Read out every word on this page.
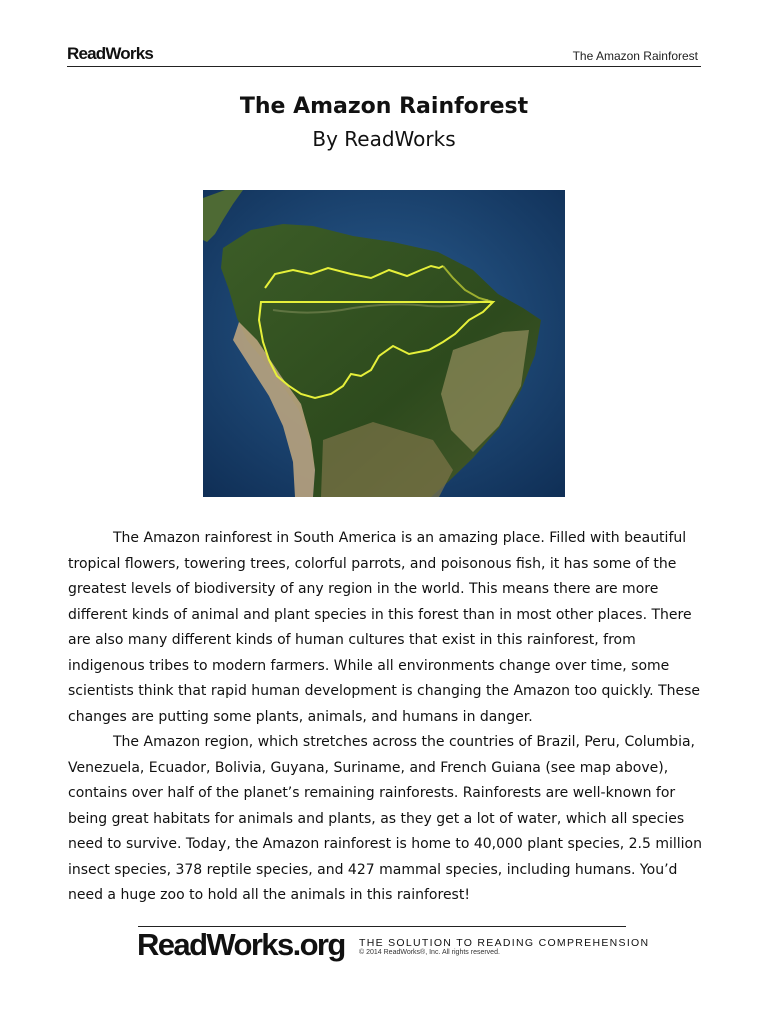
ReadWorks	The Amazon Rainforest
The Amazon Rainforest
By ReadWorks

The Amazon rainforest in South America is an amazing place. Filled with beautiful tropical flowers, towering trees, colorful parrots, and poisonous fish, it has some of the greatest levels of biodiversity of any region in the world. This means there are more different kinds of animal and plant species in this forest than in most other places. There are also many different kinds of human cultures that exist in this rainforest, from indigenous tribes to modern farmers. While all environments change over time, some scientists think that rapid human development is changing the Amazon too quickly. These changes are putting some plants, animals, and humans in danger.

The Amazon region, which stretches across the countries of Brazil, Peru, Columbia, Venezuela, Ecuador, Bolivia, Guyana, Suriname, and French Guiana (see map above), contains over half of the planet’s remaining rainforests. Rainforests are well-known for being great habitats for animals and plants, as they get a lot of water, which all species need to survive. Today, the Amazon rainforest is home to 40,000 plant species, 2.5 million insect species, 378 reptile species, and 427 mammal species, including humans. You’d need a huge zoo to hold all the animals in this rainforest!

ReadWorks.org THE SOLUTION TO READING COMPREHENSION
© 2014 ReadWorks®, Inc. All rights reserved.
